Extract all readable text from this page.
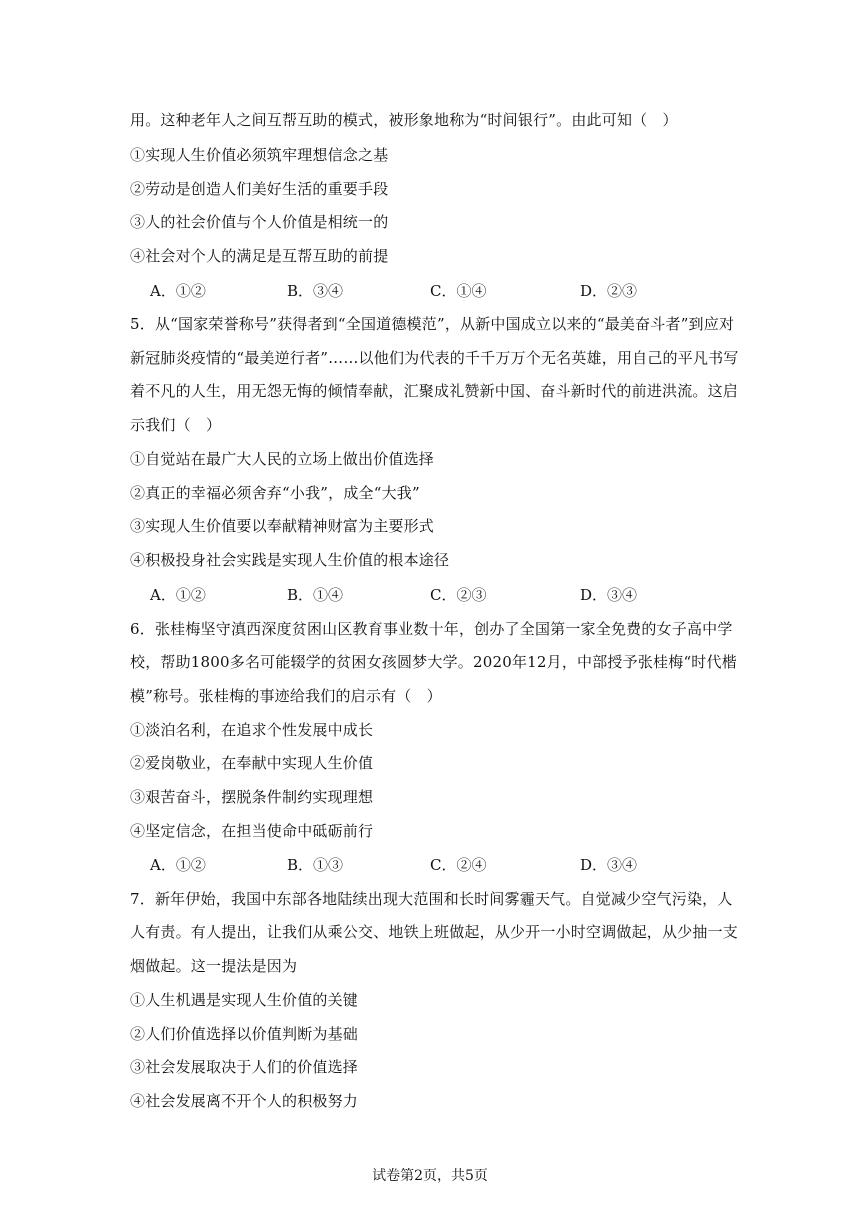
用。这种老年人之间互帮互助的模式，被形象地称为“时间银行”。由此可知（　）
①实现人生价值必须筑牢理想信念之基
②劳动是创造人们美好生活的重要手段
③人的社会价值与个人价值是相统一的
④社会对个人的满足是互帮互助的前提
A．①②	B．③④	C．①④	D．②③
5．从“国家荣誉称号”获得者到“全国道德模范”，从新中国成立以来的“最美奋斗者”到应对
新冠肺炎疫情的“最美逆行者”……以他们为代表的千千万万个无名英雄，用自己的平凡书写
着不凡的人生，用无怨无悔的倾情奉献，汇聚成礼赞新中国、奋斗新时代的前进洪流。这启
示我们（　）
①自觉站在最广大人民的立场上做出价值选择
②真正的幸福必须舍弃“小我”，成全“大我”
③实现人生价值要以奉献精神财富为主要形式
④积极投身社会实践是实现人生价值的根本途径
A．①②	B．①④	C．②③	D．③④
6．张桂梅坚守滇西深度贫困山区教育事业数十年，创办了全国第一家全免费的女子高中学
校，帮助1800多名可能辍学的贫困女孩圆梦大学。2020年12月，中部授予张桂梅“时代楷
模”称号。张桂梅的事迹给我们的启示有（　）
①淡泊名利，在追求个性发展中成长
②爱岗敬业，在奉献中实现人生价值
③艰苦奋斗，摆脱条件制约实现理想
④坚定信念，在担当使命中砥砺前行
A．①②	B．①③	C．②④	D．③④
7．新年伊始，我国中东部各地陆续出现大范围和长时间雾霾天气。自觉减少空气污染，人
人有责。有人提出，让我们从乘公交、地铁上班做起，从少开一小时空调做起，从少抽一支
烟做起。这一提法是因为
①人生机遇是实现人生价值的关键
②人们价值选择以价值判断为基础
③社会发展取决于人们的价值选择
④社会发展离不开个人的积极努力
试卷第2页，共5页
